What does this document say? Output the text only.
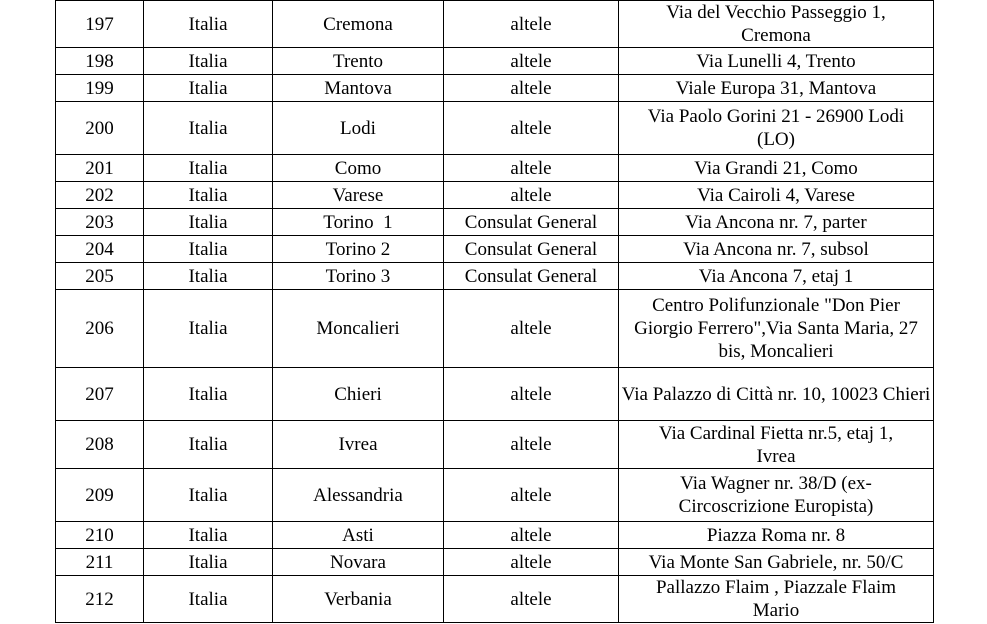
197	Italia	Cremona	altele	Via del Vecchio Passeggio 1, Cremona
198	Italia	Trento	altele	Via Lunelli 4, Trento
199	Italia	Mantova	altele	Viale Europa 31, Mantova
200	Italia	Lodi	altele	Via Paolo Gorini 21 - 26900 Lodi (LO)
201	Italia	Como	altele	Via Grandi 21, Como
202	Italia	Varese	altele	Via Cairoli 4, Varese
203	Italia	Torino  1	Consulat General	Via Ancona nr. 7, parter
204	Italia	Torino 2	Consulat General	Via Ancona nr. 7, subsol
205	Italia	Torino 3	Consulat General	Via Ancona 7, etaj 1
206	Italia	Moncalieri	altele	Centro Polifunzionale "Don Pier Giorgio Ferrero",Via Santa Maria, 27 bis, Moncalieri
207	Italia	Chieri	altele	Via Palazzo di Città nr. 10, 10023 Chieri
208	Italia	Ivrea	altele	Via Cardinal Fietta nr.5, etaj 1, Ivrea
209	Italia	Alessandria	altele	Via Wagner nr. 38/D (ex-Circoscrizione Europista)
210	Italia	Asti	altele	Piazza Roma nr. 8
211	Italia	Novara	altele	Via Monte San Gabriele, nr. 50/C
212	Italia	Verbania	altele	Pallazzo Flaim , Piazzale Flaim Mario
